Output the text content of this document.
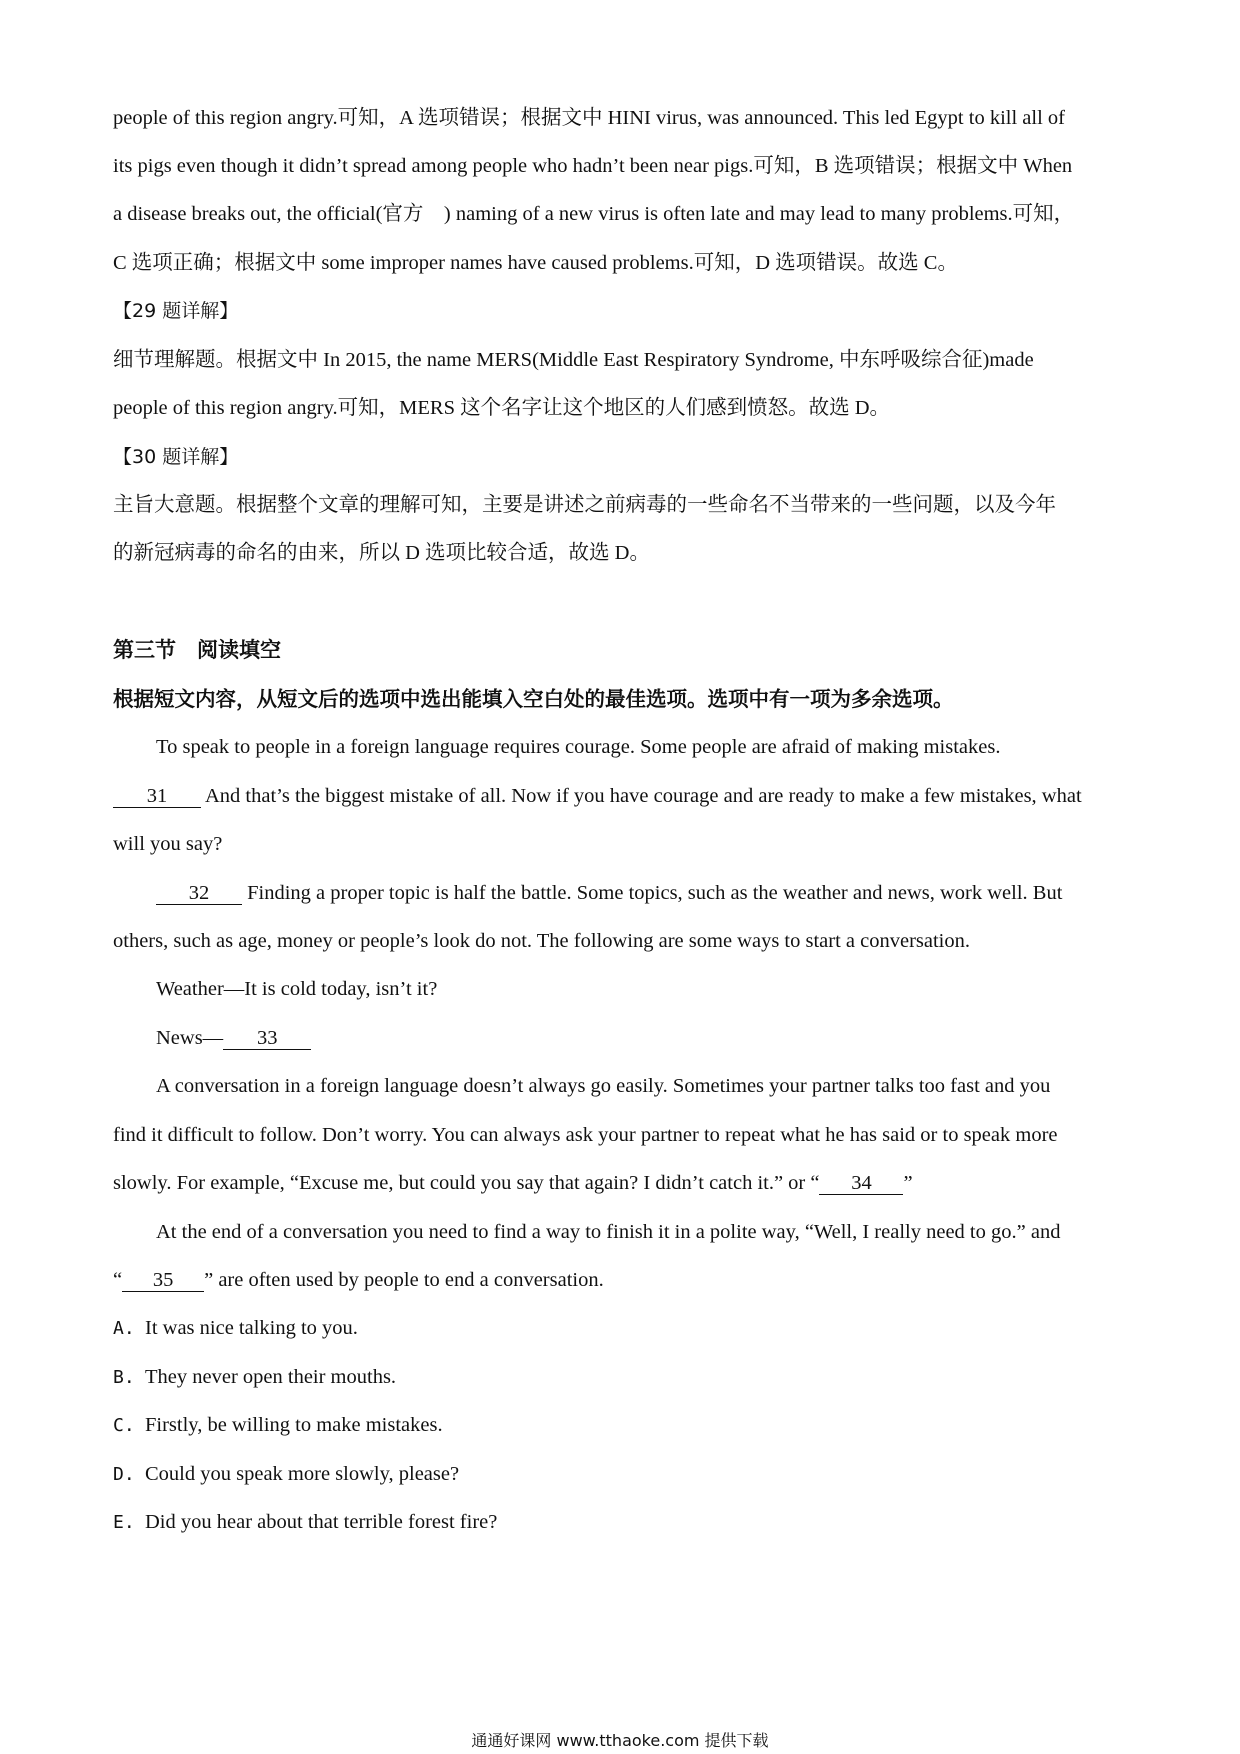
people of this region angry.可知，A 选项错误；根据文中 HINI virus, was announced. This led Egypt to kill all of
its pigs even though it didn’t spread among people who hadn’t been near pigs.可知，B 选项错误；根据文中 When
a disease breaks out, the official(官方　) naming of a new virus is often late and may lead to many problems.可知，
C 选项正确；根据文中 some improper names have caused problems.可知，D 选项错误。故选 C。
【29 题详解】
细节理解题。根据文中 In 2015, the name MERS(Middle East Respiratory Syndrome, 中东呼吸综合征)made
people of this region angry.可知，MERS 这个名字让这个地区的人们感到愤怒。故选 D。
【30 题详解】
主旨大意题。根据整个文章的理解可知，主要是讲述之前病毒的一些命名不当带来的一些问题，以及今年
的新冠病毒的命名的由来，所以 D 选项比较合适，故选 D。
第三节　阅读填空
根据短文内容，从短文后的选项中选出能填入空白处的最佳选项。选项中有一项为多余选项。
To speak to people in a foreign language requires courage. Some people are afraid of making mistakes.
31 And that’s the biggest mistake of all. Now if you have courage and are ready to make a few mistakes, what
will you say?
32 Finding a proper topic is half the battle. Some topics, such as the weather and news, work well. But
others, such as age, money or people’s look do not. The following are some ways to start a conversation.
Weather—It is cold today, isn’t it?
News— 33
A conversation in a foreign language doesn’t always go easily. Sometimes your partner talks too fast and you
find it difficult to follow. Don’t worry. You can always ask your partner to repeat what he has said or to speak more
slowly. For example, “Excuse me, but could you say that again? I didn’t catch it.” or “ 34 ”
At the end of a conversation you need to find a way to finish it in a polite way, “Well, I really need to go.” and
“ 35 ” are often used by people to end a conversation.
A. It was nice talking to you.
B. They never open their mouths.
C. Firstly, be willing to make mistakes.
D. Could you speak more slowly, please?
E. Did you hear about that terrible forest fire?
通通好课网 www.tthaoke.com 提供下载
